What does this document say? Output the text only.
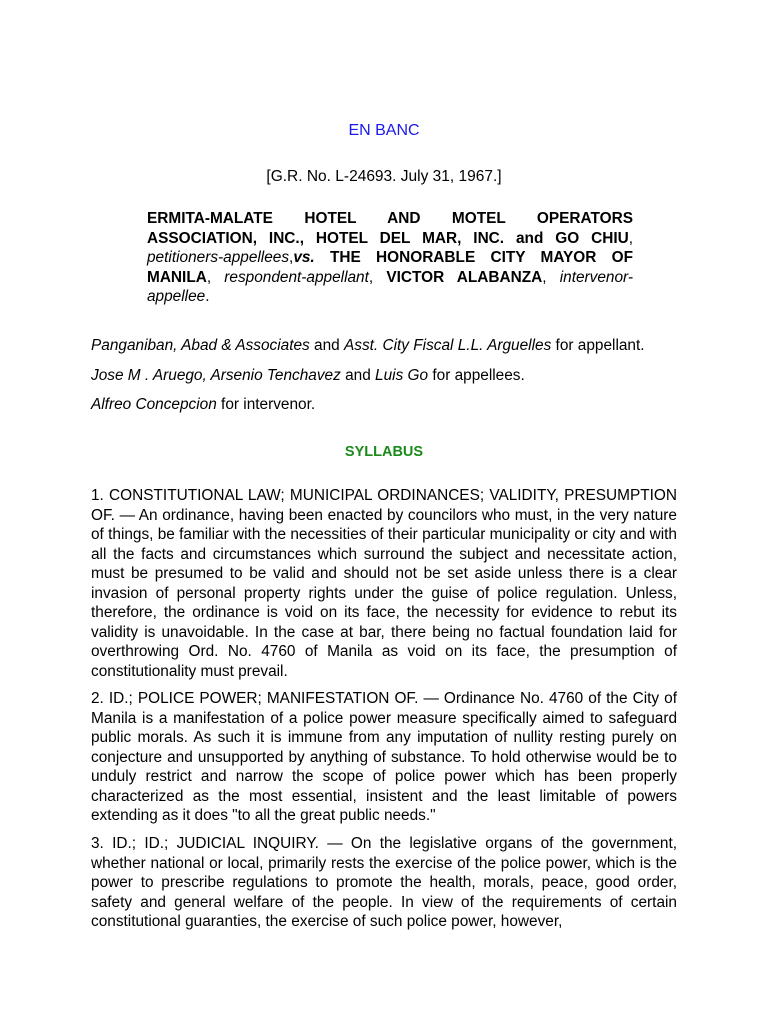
EN BANC

[G.R. No. L-24693. July 31, 1967.]

ERMITA-MALATE HOTEL AND MOTEL OPERATORS ASSOCIATION, INC., HOTEL DEL MAR, INC. and GO CHIU, petitioners-appellees,vs. THE HONORABLE CITY MAYOR OF MANILA, respondent-appellant, VICTOR ALABANZA, intervenor-appellee.

Panganiban, Abad & Associates and Asst. City Fiscal L.L. Arguelles for appellant.

Jose M . Aruego, Arsenio Tenchavez and Luis Go for appellees.

Alfreo Concepcion for intervenor.

SYLLABUS

1. CONSTITUTIONAL LAW; MUNICIPAL ORDINANCES; VALIDITY, PRESUMPTION OF. — An ordinance, having been enacted by councilors who must, in the very nature of things, be familiar with the necessities of their particular municipality or city and with all the facts and circumstances which surround the subject and necessitate action, must be presumed to be valid and should not be set aside unless there is a clear invasion of personal property rights under the guise of police regulation. Unless, therefore, the ordinance is void on its face, the necessity for evidence to rebut its validity is unavoidable. In the case at bar, there being no factual foundation laid for overthrowing Ord. No. 4760 of Manila as void on its face, the presumption of constitutionality must prevail.

2. ID.; POLICE POWER; MANIFESTATION OF. — Ordinance No. 4760 of the City of Manila is a manifestation of a police power measure specifically aimed to safeguard public morals. As such it is immune from any imputation of nullity resting purely on conjecture and unsupported by anything of substance. To hold otherwise would be to unduly restrict and narrow the scope of police power which has been properly characterized as the most essential, insistent and the least limitable of powers extending as it does "to all the great public needs."

3. ID.; ID.; JUDICIAL INQUIRY. — On the legislative organs of the government, whether national or local, primarily rests the exercise of the police power, which is the power to prescribe regulations to promote the health, morals, peace, good order, safety and general welfare of the people. In view of the requirements of certain constitutional guaranties, the exercise of such police power, however,
